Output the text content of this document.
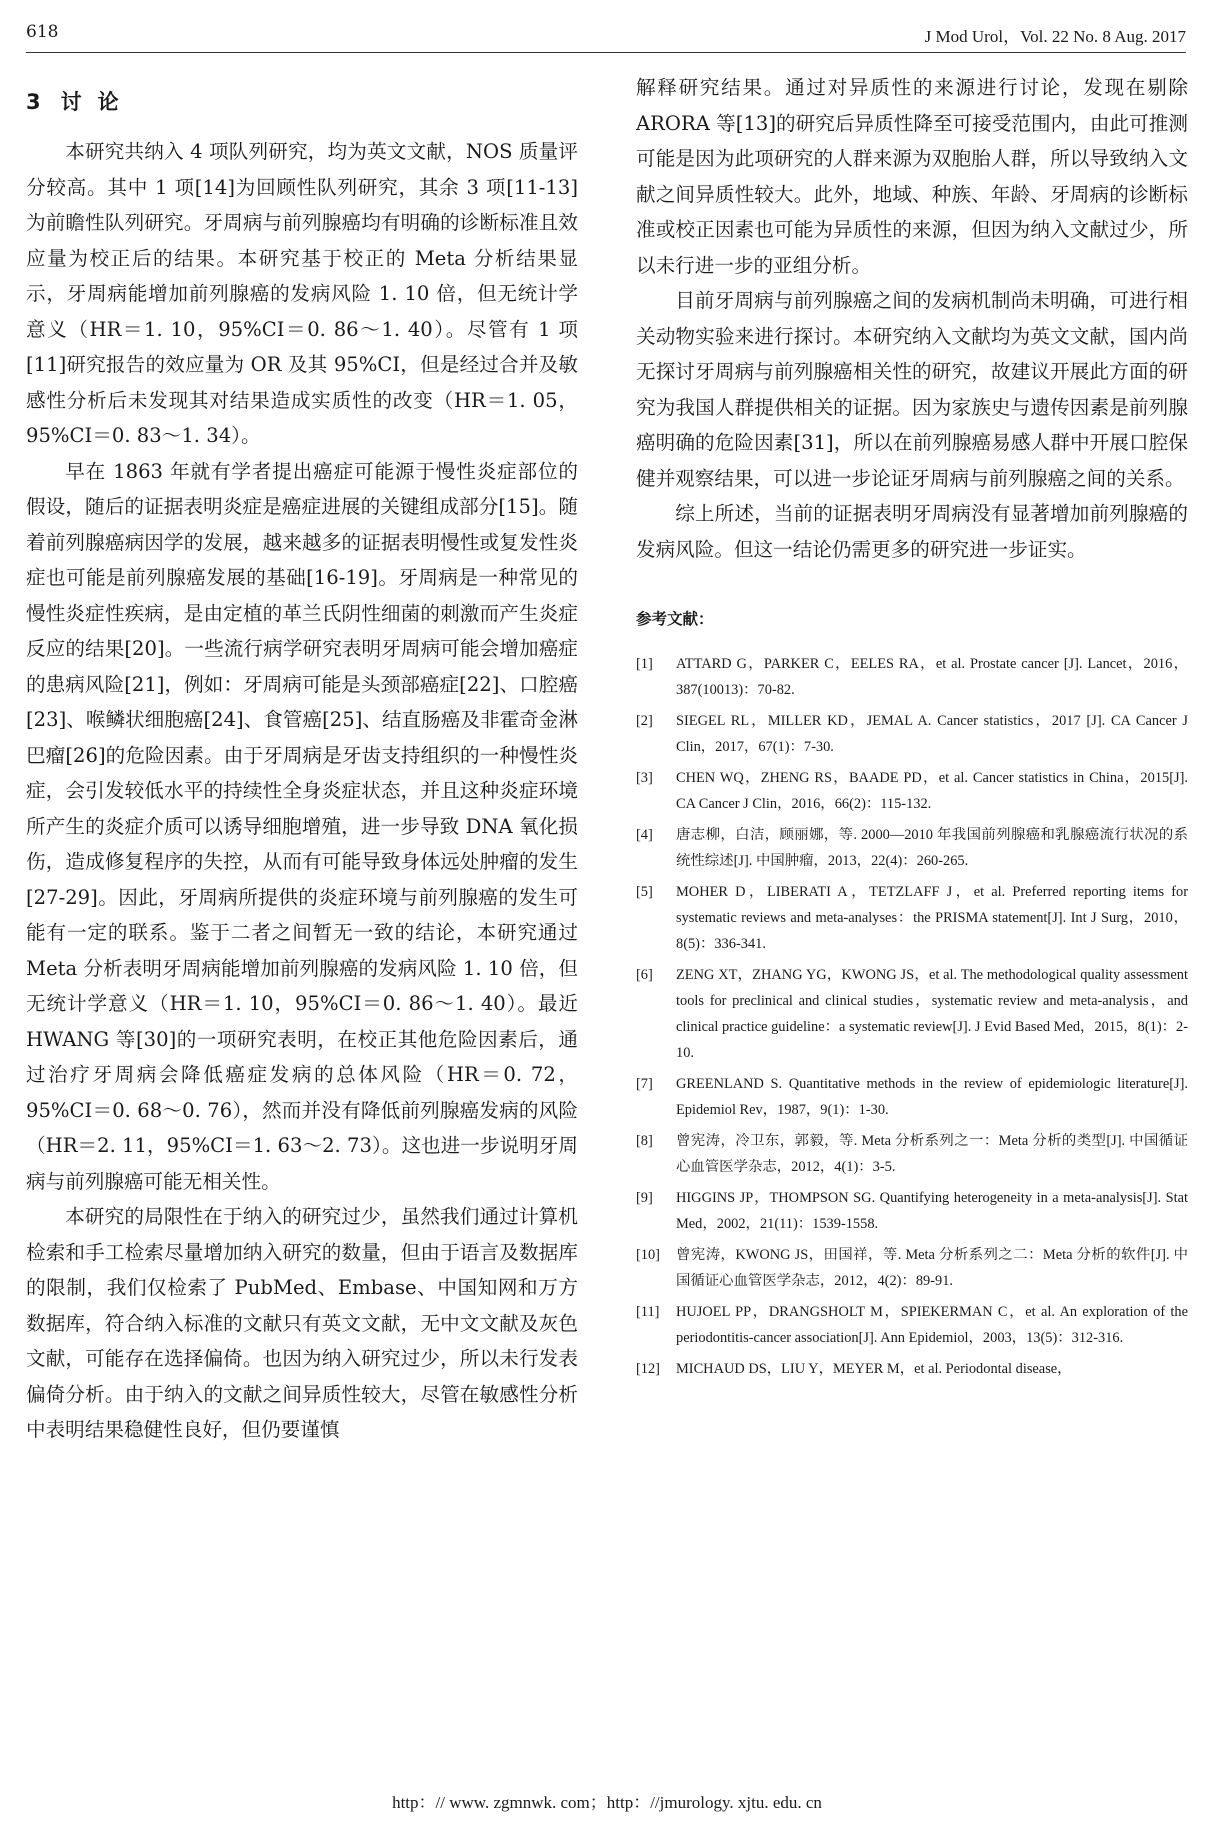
618	J Mod Urol，Vol. 22 No. 8 Aug. 2017
3 讨论

本研究共纳入 4 项队列研究，均为英文文献，NOS 质量评分较高。其中 1 项[14]为回顾性队列研究，其余 3 项[11-13]为前瞻性队列研究。牙周病与前列腺癌均有明确的诊断标准且效应量为校正后的结果。本研究基于校正的 Meta 分析结果显示，牙周病能增加前列腺癌的发病风险 1. 10 倍，但无统计学意义（HR＝1. 10，95%CI＝0. 86～1. 40）。尽管有 1 项[11]研究报告的效应量为 OR 及其 95%CI，但是经过合并及敏感性分析后未发现其对结果造成实质性的改变（HR＝1. 05，95%CI＝0. 83～1. 34）。

早在 1863 年就有学者提出癌症可能源于慢性炎症部位的假设，随后的证据表明炎症是癌症进展的关键组成部分[15]。随着前列腺癌病因学的发展，越来越多的证据表明慢性或复发性炎症也可能是前列腺癌发展的基础[16-19]。牙周病是一种常见的慢性炎症性疾病，是由定植的革兰氏阴性细菌的刺激而产生炎症反应的结果[20]。一些流行病学研究表明牙周病可能会增加癌症的患病风险[21]，例如：牙周病可能是头颈部癌症[22]、口腔癌[23]、喉鳞状细胞癌[24]、食管癌[25]、结直肠癌及非霍奇金淋巴瘤[26]的危险因素。由于牙周病是牙齿支持组织的一种慢性炎症，会引发较低水平的持续性全身炎症状态，并且这种炎症环境所产生的炎症介质可以诱导细胞增殖，进一步导致 DNA 氧化损伤，造成修复程序的失控，从而有可能导致身体远处肿瘤的发生[27-29]。因此，牙周病所提供的炎症环境与前列腺癌的发生可能有一定的联系。鉴于二者之间暂无一致的结论，本研究通过 Meta 分析表明牙周病能增加前列腺癌的发病风险 1. 10 倍，但无统计学意义（HR＝1. 10，95%CI＝0. 86～1. 40）。最近 HWANG 等[30]的一项研究表明，在校正其他危险因素后，通过治疗牙周病会降低癌症发病的总体风险（HR＝0. 72，95%CI＝0. 68～0. 76），然而并没有降低前列腺癌发病的风险（HR＝2. 11，95%CI＝1. 63～2. 73）。这也进一步说明牙周病与前列腺癌可能无相关性。

本研究的局限性在于纳入的研究过少，虽然我们通过计算机检索和手工检索尽量增加纳入研究的数量，但由于语言及数据库的限制，我们仅检索了 PubMed、Embase、中国知网和万方数据库，符合纳入标准的文献只有英文文献，无中文文献及灰色文献，可能存在选择偏倚。也因为纳入研究过少，所以未行发表偏倚分析。由于纳入的文献之间异质性较大，尽管在敏感性分析中表明结果稳健性良好，但仍要谨慎

解释研究结果。通过对异质性的来源进行讨论，发现在剔除 ARORA 等[13]的研究后异质性降至可接受范围内，由此可推测可能是因为此项研究的人群来源为双胞胎人群，所以导致纳入文献之间异质性较大。此外，地域、种族、年龄、牙周病的诊断标准或校正因素也可能为异质性的来源，但因为纳入文献过少，所以未行进一步的亚组分析。

目前牙周病与前列腺癌之间的发病机制尚未明确，可进行相关动物实验来进行探讨。本研究纳入文献均为英文文献，国内尚无探讨牙周病与前列腺癌相关性的研究，故建议开展此方面的研究为我国人群提供相关的证据。因为家族史与遗传因素是前列腺癌明确的危险因素[31]，所以在前列腺癌易感人群中开展口腔保健并观察结果，可以进一步论证牙周病与前列腺癌之间的关系。

综上所述，当前的证据表明牙周病没有显著增加前列腺癌的发病风险。但这一结论仍需更多的研究进一步证实。

参考文献：
[1] ATTARD G，PARKER C，EELES RA，et al. Prostate cancer [J]. Lancet，2016，387(10013)：70-82.
[2] SIEGEL RL，MILLER KD，JEMAL A. Cancer statistics，2017 [J]. CA Cancer J Clin，2017，67(1)：7-30.
[3] CHEN WQ，ZHENG RS，BAADE PD，et al. Cancer statistics in China，2015[J]. CA Cancer J Clin，2016，66(2)：115-132.
[4] 唐志柳，白洁，顾丽娜，等. 2000—2010 年我国前列腺癌和乳腺癌流行状况的系统性综述[J]. 中国肿瘤，2013，22(4)：260-265.
[5] MOHER D，LIBERATI A，TETZLAFF J，et al. Preferred reporting items for systematic reviews and meta-analyses：the PRISMA statement[J]. Int J Surg，2010，8(5)：336-341.
[6] ZENG XT，ZHANG YG，KWONG JS，et al. The methodological quality assessment tools for preclinical and clinical studies，systematic review and meta-analysis，and clinical practice guideline：a systematic review[J]. J Evid Based Med，2015，8(1)：2-10.
[7] GREENLAND S. Quantitative methods in the review of epidemiologic literature[J]. Epidemiol Rev，1987，9(1)：1-30.
[8] 曾宪涛，冷卫东，郭毅，等. Meta 分析系列之一：Meta 分析的类型[J]. 中国循证心血管医学杂志，2012，4(1)：3-5.
[9] HIGGINS JP，THOMPSON SG. Quantifying heterogeneity in a meta-analysis[J]. Stat Med，2002，21(11)：1539-1558.
[10] 曾宪涛，KWONG JS，田国祥，等. Meta 分析系列之二：Meta 分析的软件[J]. 中国循证心血管医学杂志，2012，4(2)：89-91.
[11] HUJOEL PP，DRANGSHOLT M，SPIEKERMAN C，et al. An exploration of the periodontitis-cancer association[J]. Ann Epidemiol，2003，13(5)：312-316.
[12] MICHAUD DS，LIU Y，MEYER M，et al. Periodontal disease，
http：// www. zgmnwk. com；http：//jmurology. xjtu. edu. cn
